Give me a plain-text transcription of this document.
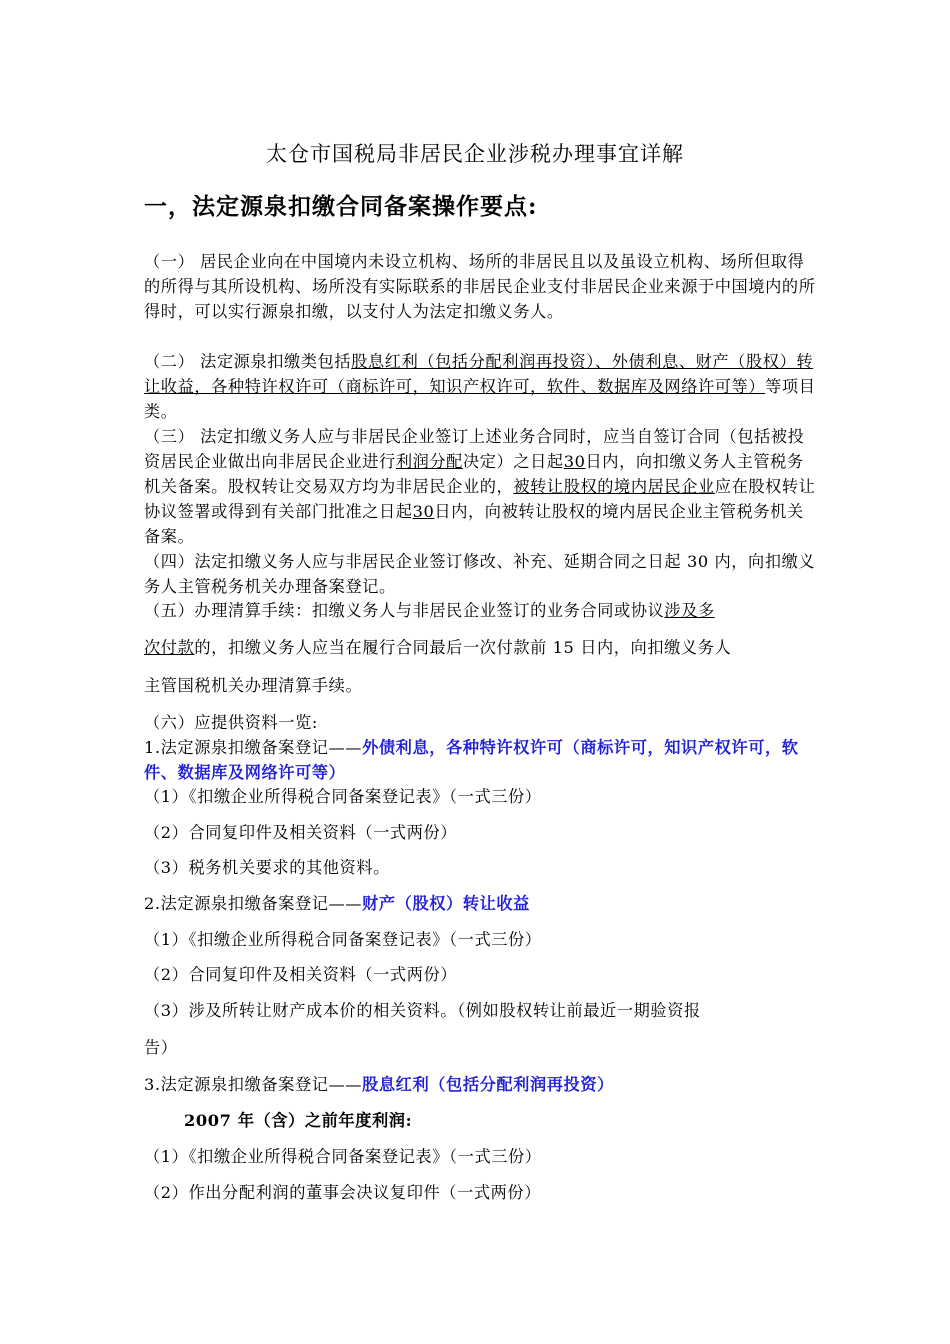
太仓市国税局非居民企业涉税办理事宜详解
一，法定源泉扣缴合同备案操作要点:
（一） 居民企业向在中国境内未设立机构、场所的非居民且以及虽设立机构、场所但取得的所得与其所设机构、场所没有实际联系的非居民企业支付非居民企业来源于中国境内的所得时，可以实行源泉扣缴，以支付人为法定扣缴义务人。
（二） 法定源泉扣缴类包括股息红利（包括分配利润再投资）、外债利息、财产（股权）转让收益，各种特许权许可（商标许可，知识产权许可，软件、数据库及网络许可等）等项目类。
（三） 法定扣缴义务人应与非居民企业签订上述业务合同时，应当自签订合同（包括被投资居民企业做出向非居民企业进行利润分配决定）之日起30日内，向扣缴义务人主管税务机关备案。股权转让交易双方均为非居民企业的，被转让股权的境内居民企业应在股权转让协议签署或得到有关部门批准之日起30日内，向被转让股权的境内居民企业主管税务机关备案。
（四）法定扣缴义务人应与非居民企业签订修改、补充、延期合同之日起 30 内，向扣缴义务人主管税务机关办理备案登记。
（五）办理清算手续：扣缴义务人与非居民企业签订的业务合同或协议涉及多
次付款的，扣缴义务人应当在履行合同最后一次付款前 15 日内，向扣缴义务人
主管国税机关办理清算手续。
（六）应提供资料一览:
1.法定源泉扣缴备案登记——外债利息，各种特许权许可（商标许可，知识产权许可，软件、数据库及网络许可等）
（1）《扣缴企业所得税合同备案登记表》（一式三份）
（2）合同复印件及相关资料（一式两份）
（3）税务机关要求的其他资料。
2.法定源泉扣缴备案登记——财产（股权）转让收益
（1）《扣缴企业所得税合同备案登记表》（一式三份）
（2）合同复印件及相关资料（一式两份）
（3）涉及所转让财产成本价的相关资料。（例如股权转让前最近一期验资报
告）
3.法定源泉扣缴备案登记——股息红利（包括分配利润再投资）
2007 年（含）之前年度利润:
（1）《扣缴企业所得税合同备案登记表》（一式三份）
（2）作出分配利润的董事会决议复印件（一式两份）
